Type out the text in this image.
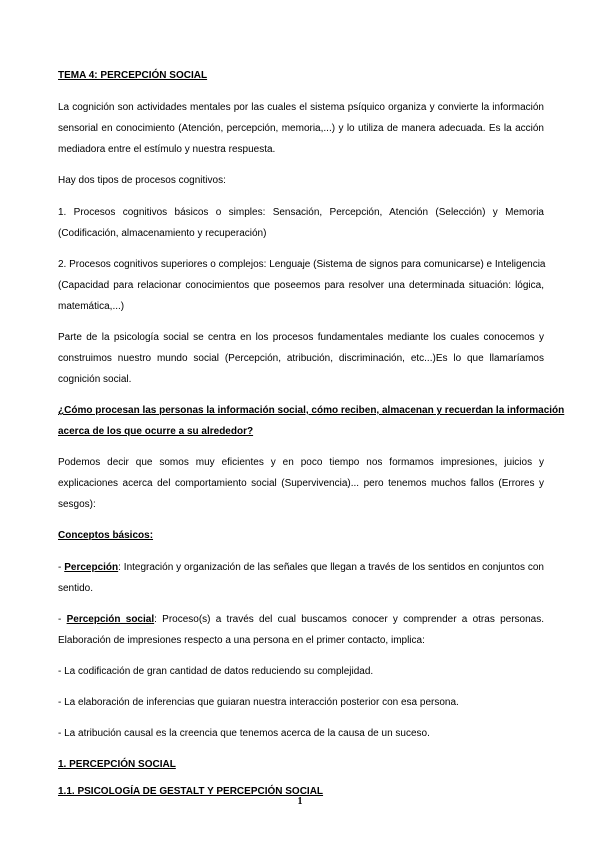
TEMA 4: PERCEPCIÓN SOCIAL
La cognición son actividades mentales por las cuales el sistema psíquico organiza y convierte la información
sensorial en conocimiento (Atención, percepción, memoria,...) y lo utiliza de manera adecuada. Es la acción
mediadora entre el estímulo y nuestra respuesta.
Hay dos tipos de procesos cognitivos:
1. Procesos cognitivos básicos o simples: Sensación, Percepción, Atención (Selección) y Memoria
(Codificación, almacenamiento y recuperación)
2. Procesos cognitivos superiores o complejos: Lenguaje (Sistema de signos para comunicarse) e Inteligencia
(Capacidad para relacionar conocimientos que poseemos para resolver una determinada situación: lógica,
matemática,...)
Parte de la psicología social se centra en los procesos fundamentales mediante los cuales conocemos y
construimos nuestro mundo social (Percepción, atribución, discriminación, etc...)Es lo que llamaríamos
cognición social.
¿Cómo procesan las personas la información social, cómo reciben, almacenan y recuerdan la información
acerca de los que ocurre a su alrededor?
Podemos decir que somos muy eficientes y en poco tiempo nos formamos impresiones, juicios y
explicaciones acerca del comportamiento social (Supervivencia)... pero tenemos muchos fallos (Errores y
sesgos):
Conceptos básicos:
- Percepción: Integración y organización de las señales que llegan a través de los sentidos en conjuntos con
sentido.
- Percepción social: Proceso(s) a través del cual buscamos conocer y comprender a otras personas.
Elaboración de impresiones respecto a una persona en el primer contacto, implica:
- La codificación de gran cantidad de datos reduciendo su complejidad.
- La elaboración de inferencias que guiaran nuestra interacción posterior con esa persona.
- La atribución causal es la creencia que tenemos acerca de la causa de un suceso.
1. PERCEPCIÓN SOCIAL
1.1. PSICOLOGÍA DE GESTALT Y PERCEPCIÓN SOCIAL
1
